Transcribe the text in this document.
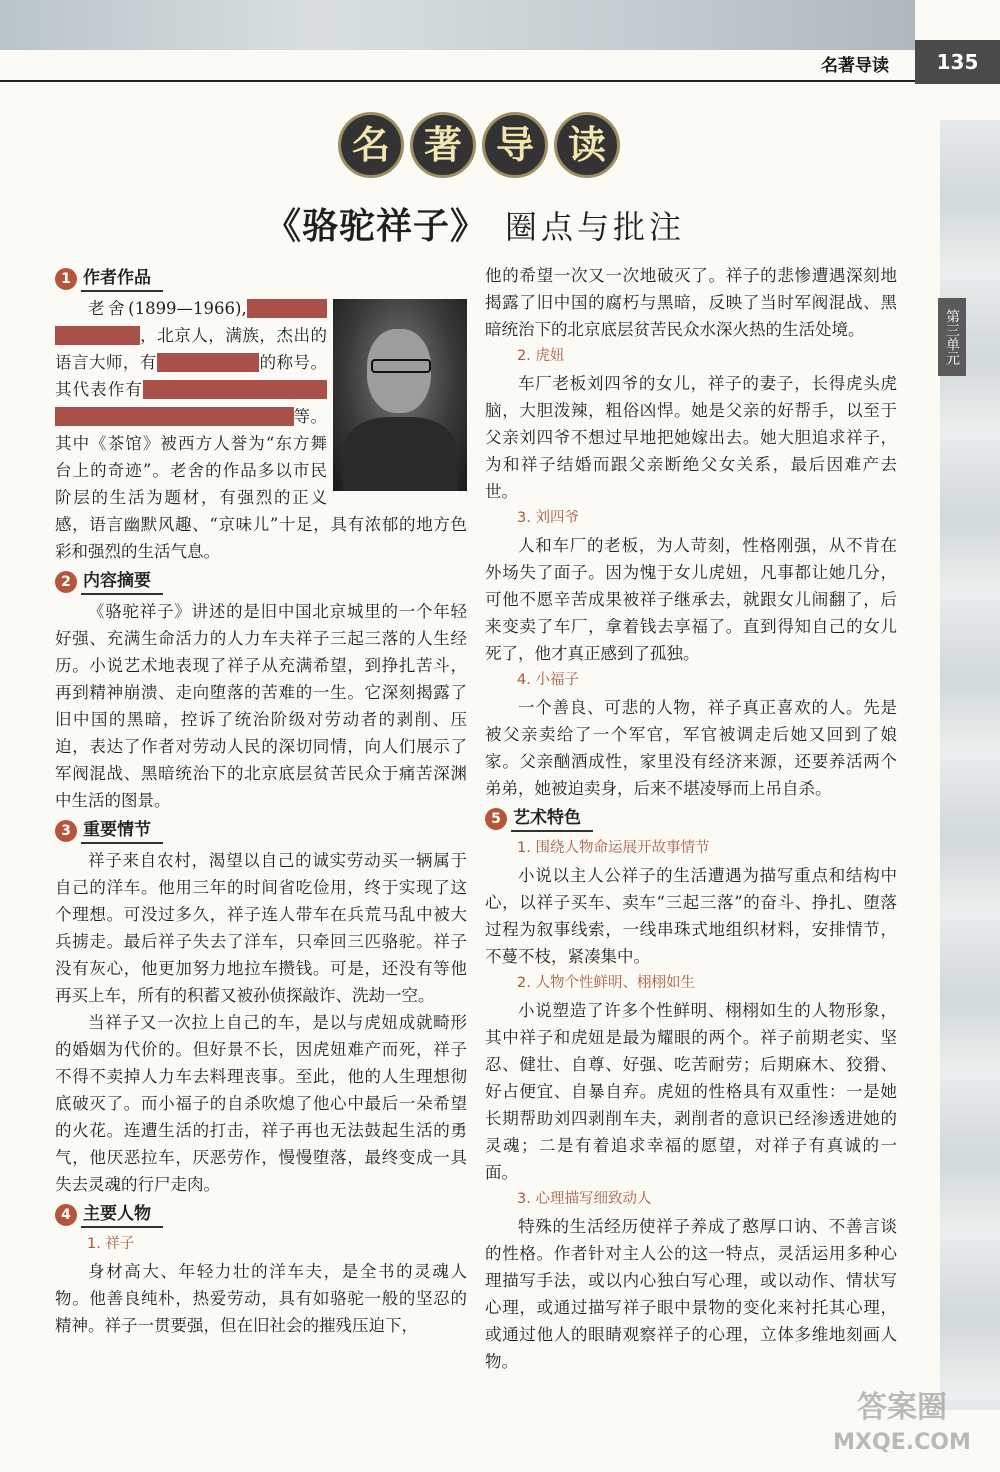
名著导读	135
第三单元
名 著 导 读
《骆驼祥子》 圈点与批注
1 作者作品

老舍(1899—1966),原名舒庆春，字舍予，北京人，满族，杰出的语言大师，有“人民艺术家”的称号。其代表作有小说《骆驼祥子》《四世同堂》，话剧《茶馆》《龙须沟》等。其中《茶馆》被西方人誉为“东方舞台上的奇迹”。老舍的作品多以市民阶层的生活为题材，有强烈的正义感，语言幽默风趣、“京味儿”十足，具有浓郁的地方色彩和强烈的生活气息。

2 内容摘要

《骆驼祥子》讲述的是旧中国北京城里的一个年轻好强、充满生命活力的人力车夫祥子三起三落的人生经历。小说艺术地表现了祥子从充满希望，到挣扎苦斗，再到精神崩溃、走向堕落的苦难的一生。它深刻揭露了旧中国的黑暗，控诉了统治阶级对劳动者的剥削、压迫，表达了作者对劳动人民的深切同情，向人们展示了军阀混战、黑暗统治下的北京底层贫苦民众于痛苦深渊中生活的图景。

3 重要情节

祥子来自农村，渴望以自己的诚实劳动买一辆属于自己的洋车。他用三年的时间省吃俭用，终于实现了这个理想。可没过多久，祥子连人带车在兵荒马乱中被大兵掳走。最后祥子失去了洋车，只牵回三匹骆驼。祥子没有灰心，他更加努力地拉车攒钱。可是，还没有等他再买上车，所有的积蓄又被孙侦探敲诈、洗劫一空。

当祥子又一次拉上自己的车，是以与虎妞成就畸形的婚姻为代价的。但好景不长，因虎妞难产而死，祥子不得不卖掉人力车去料理丧事。至此，他的人生理想彻底破灭了。而小福子的自杀吹熄了他心中最后一朵希望的火花。连遭生活的打击，祥子再也无法鼓起生活的勇气，他厌恶拉车，厌恶劳作，慢慢堕落，最终变成一具失去灵魂的行尸走肉。

4 主要人物
1. 祥子

身材高大、年轻力壮的洋车夫，是全书的灵魂人物。他善良纯朴，热爱劳动，具有如骆驼一般的坚忍的精神。祥子一贯要强，但在旧社会的摧残压迫下，

他的希望一次又一次地破灭了。祥子的悲惨遭遇深刻地揭露了旧中国的腐朽与黑暗，反映了当时军阀混战、黑暗统治下的北京底层贫苦民众水深火热的生活处境。

2. 虎妞

车厂老板刘四爷的女儿，祥子的妻子，长得虎头虎脑，大胆泼辣，粗俗凶悍。她是父亲的好帮手，以至于父亲刘四爷不想过早地把她嫁出去。她大胆追求祥子，为和祥子结婚而跟父亲断绝父女关系，最后因难产去世。

3. 刘四爷

人和车厂的老板，为人苛刻，性格刚强，从不肯在外场失了面子。因为愧于女儿虎妞，凡事都让她几分，可他不愿辛苦成果被祥子继承去，就跟女儿闹翻了，后来变卖了车厂，拿着钱去享福了。直到得知自己的女儿死了，他才真正感到了孤独。

4. 小福子

一个善良、可悲的人物，祥子真正喜欢的人。先是被父亲卖给了一个军官，军官被调走后她又回到了娘家。父亲酗酒成性，家里没有经济来源，还要养活两个弟弟，她被迫卖身，后来不堪凌辱而上吊自杀。

5 艺术特色
1. 围绕人物命运展开故事情节

小说以主人公祥子的生活遭遇为描写重点和结构中心，以祥子买车、卖车“三起三落”的奋斗、挣扎、堕落过程为叙事线索，一线串珠式地组织材料，安排情节，不蔓不枝，紧凑集中。

2. 人物个性鲜明、栩栩如生

小说塑造了许多个性鲜明、栩栩如生的人物形象，其中祥子和虎妞是最为耀眼的两个。祥子前期老实、坚忍、健壮、自尊、好强、吃苦耐劳；后期麻木、狡猾、好占便宜、自暴自弃。虎妞的性格具有双重性：一是她长期帮助刘四剥削车夫，剥削者的意识已经渗透进她的灵魂；二是有着追求幸福的愿望，对祥子有真诚的一面。

3. 心理描写细致动人

特殊的生活经历使祥子养成了憨厚口讷、不善言谈的性格。作者针对主人公的这一特点，灵活运用多种心理描写手法，或以内心独白写心理，或以动作、情状写心理，或通过描写祥子眼中景物的变化来衬托其心理，或通过他人的眼睛观察祥子的心理，立体多维地刻画人物。

答案圈
MXQE.COM
